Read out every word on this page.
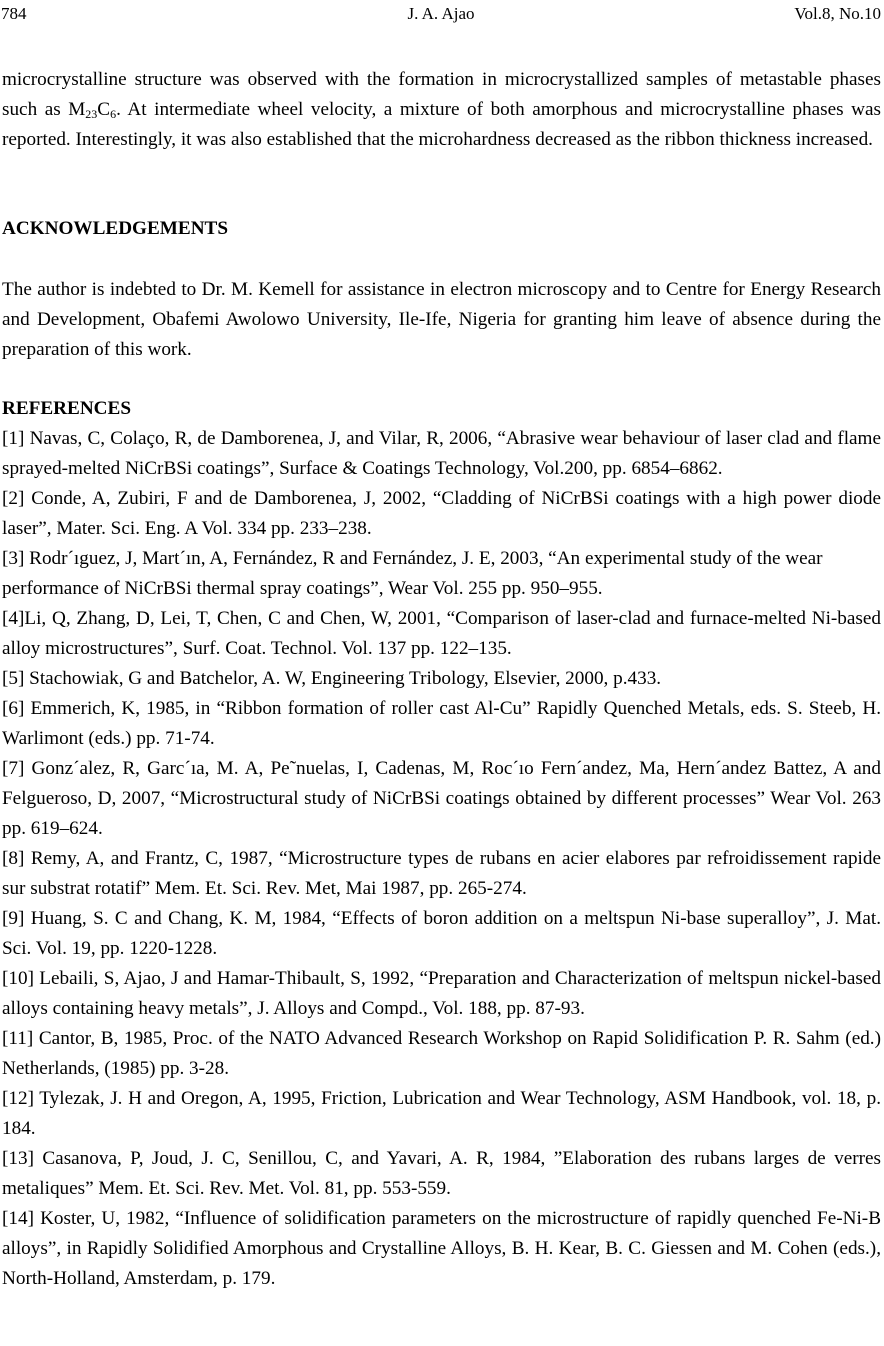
784	J. A. Ajao	Vol.8, No.10

microcrystalline structure was observed with the formation in microcrystallized samples of metastable phases such as $M_{23}C_6$. At intermediate wheel velocity, a mixture of both amorphous and microcrystalline phases was reported. Interestingly, it was also established that the microhardness decreased as the ribbon thickness increased.

ACKNOWLEDGEMENTS

The author is indebted to Dr. M. Kemell for assistance in electron microscopy and to Centre for Energy Research and Development, Obafemi Awolowo University, Ile-Ife, Nigeria for granting him leave of absence during the preparation of this work.

REFERENCES

[1] Navas, C, Colaço, R, de Damborenea, J, and Vilar, R, 2006, “Abrasive wear behaviour of laser clad and flame sprayed-melted NiCrBSi coatings”, Surface & Coatings Technology, Vol.200, pp. 6854–6862.

[2] Conde, A, Zubiri, F and de Damborenea, J, 2002, “Cladding of NiCrBSi coatings with a high power diode laser”, Mater. Sci. Eng. A Vol. 334 pp. 233–238.

[3] Rodr´ıguez, J, Mart´ın, A, Fernández, R and Fernández, J. E, 2003, “An experimental study of the wear performance of NiCrBSi thermal spray coatings”, Wear Vol. 255 pp. 950–955.

[4]Li, Q, Zhang, D, Lei, T, Chen, C and Chen, W, 2001, “Comparison of laser-clad and furnace-melted Ni-based alloy microstructures”, Surf. Coat. Technol. Vol. 137 pp. 122–135.

[5] Stachowiak, G and Batchelor, A. W, Engineering Tribology, Elsevier, 2000, p.433.

[6] Emmerich, K, 1985, in “Ribbon formation of roller cast Al-Cu” Rapidly Quenched Metals, eds. S. Steeb, H. Warlimont (eds.) pp. 71-74.

[7] Gonz´alez, R, Garc´ıa, M. A, Pe˜nuelas, I, Cadenas, M, Roc´ıo Fern´andez, Ma, Hern´andez Battez, A and Felgueroso, D, 2007, “Microstructural study of NiCrBSi coatings obtained by different processes” Wear Vol. 263 pp. 619–624.

[8] Remy, A, and Frantz, C, 1987, “Microstructure types de rubans en acier elabores par refroidissement rapide sur substrat rotatif” Mem. Et. Sci. Rev. Met, Mai 1987, pp. 265-274.

[9] Huang, S. C and Chang, K. M, 1984, “Effects of boron addition on a meltspun Ni-base superalloy”, J. Mat. Sci. Vol. 19, pp. 1220-1228.

[10] Lebaili, S, Ajao, J and Hamar-Thibault, S, 1992, “Preparation and Characterization of meltspun nickel-based alloys containing heavy metals”, J. Alloys and Compd., Vol. 188, pp. 87-93.

[11] Cantor, B, 1985, Proc. of the NATO Advanced Research Workshop on Rapid Solidification P. R. Sahm (ed.) Netherlands, (1985) pp. 3-28.

[12] Tylezak, J. H and Oregon, A, 1995, Friction, Lubrication and Wear Technology, ASM Handbook, vol. 18, p. 184.

[13] Casanova, P, Joud, J. C, Senillou, C, and Yavari, A. R, 1984, ”Elaboration des rubans larges de verres metaliques” Mem. Et. Sci. Rev. Met. Vol. 81, pp. 553-559.

[14] Koster, U, 1982, “Influence of solidification parameters on the microstructure of rapidly quenched Fe-Ni-B alloys”, in Rapidly Solidified Amorphous and Crystalline Alloys, B. H. Kear, B. C. Giessen and M. Cohen (eds.), North-Holland, Amsterdam, p. 179.
